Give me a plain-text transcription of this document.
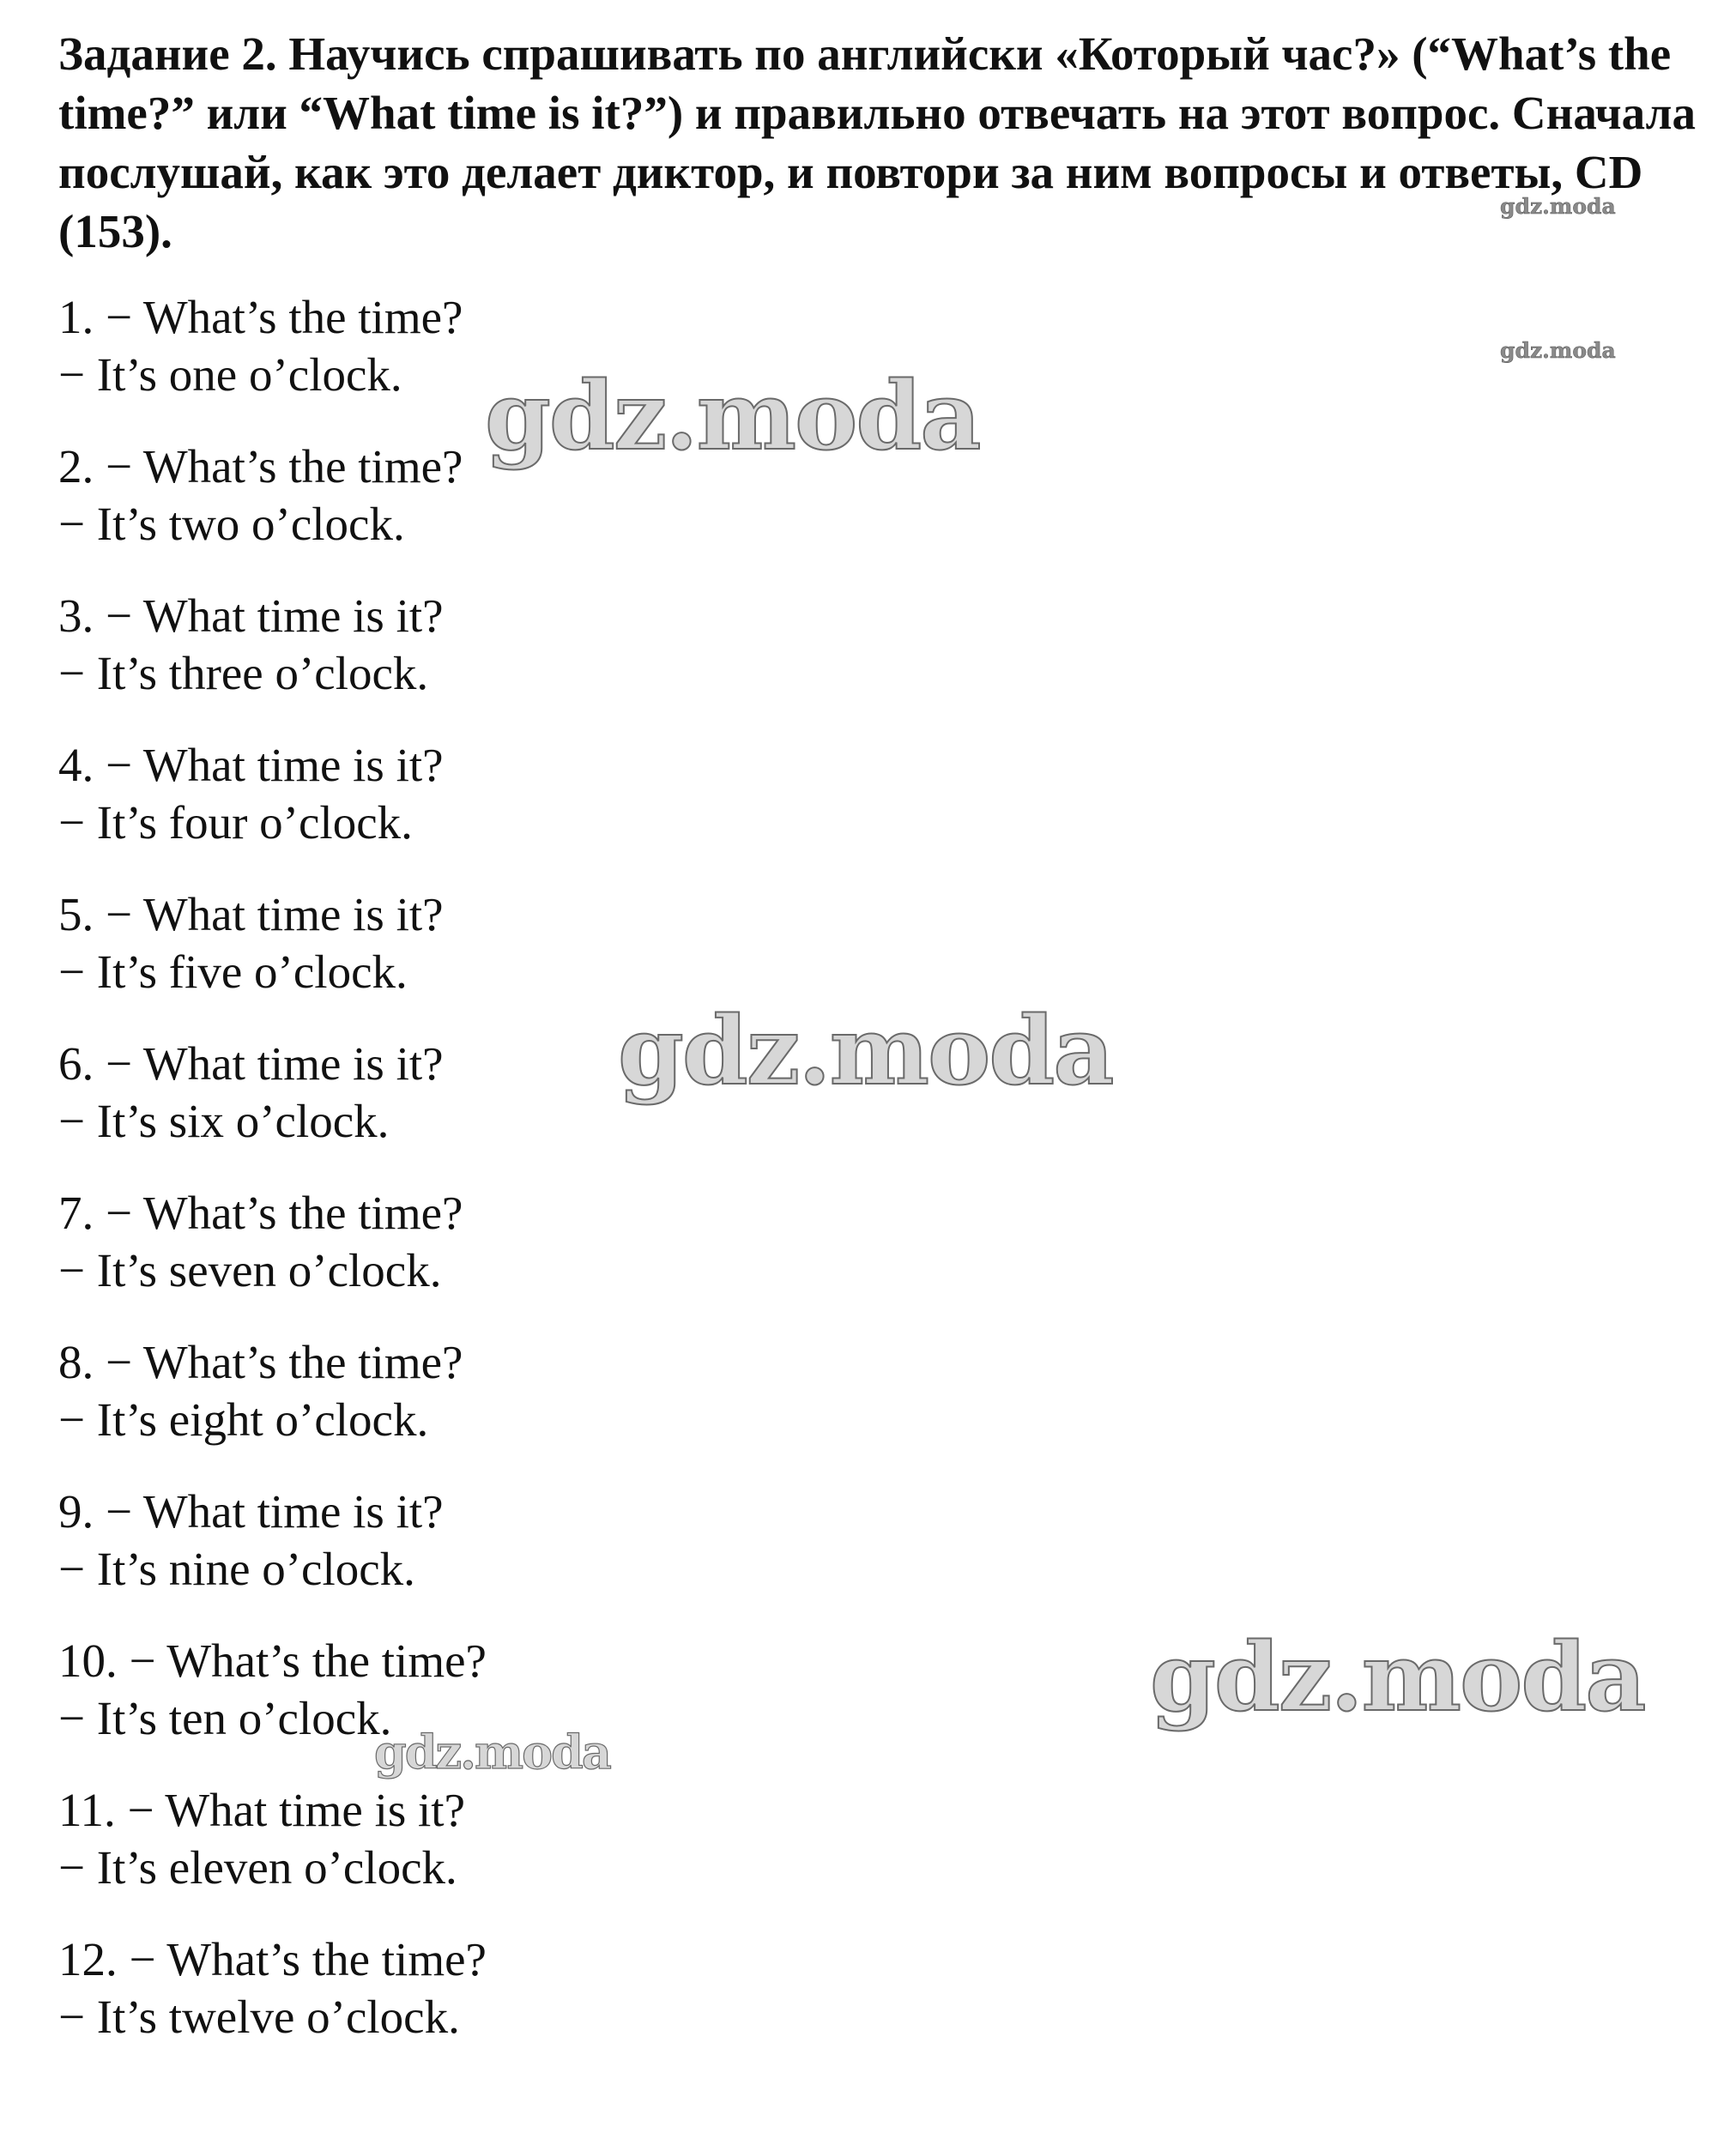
Задание 2. Научись спрашивать по английски «Который час?» (“What’s the time?” или “What time is it?”) и правильно отвечать на этот вопрос. Сначала послушай, как это делает диктор, и повтори за ним вопросы и ответы, CD (153).

1. − What’s the time?
− It’s one o’clock.
2. − What’s the time?
− It’s two o’clock.
3. − What time is it?
− It’s three o’clock.
4. − What time is it?
− It’s four o’clock.
5. − What time is it?
− It’s five o’clock.
6. − What time is it?
− It’s six o’clock.
7. − What’s the time?
− It’s seven o’clock.
8. − What’s the time?
− It’s eight o’clock.
9. − What time is it?
− It’s nine o’clock.
10. − What’s the time?
− It’s ten o’clock.
11. − What time is it?
− It’s eleven o’clock.
12. − What’s the time?
− It’s twelve o’clock.
gdz.moda
gdz.moda
gdz.moda
gdz.moda
gdz.moda
gdz.moda
